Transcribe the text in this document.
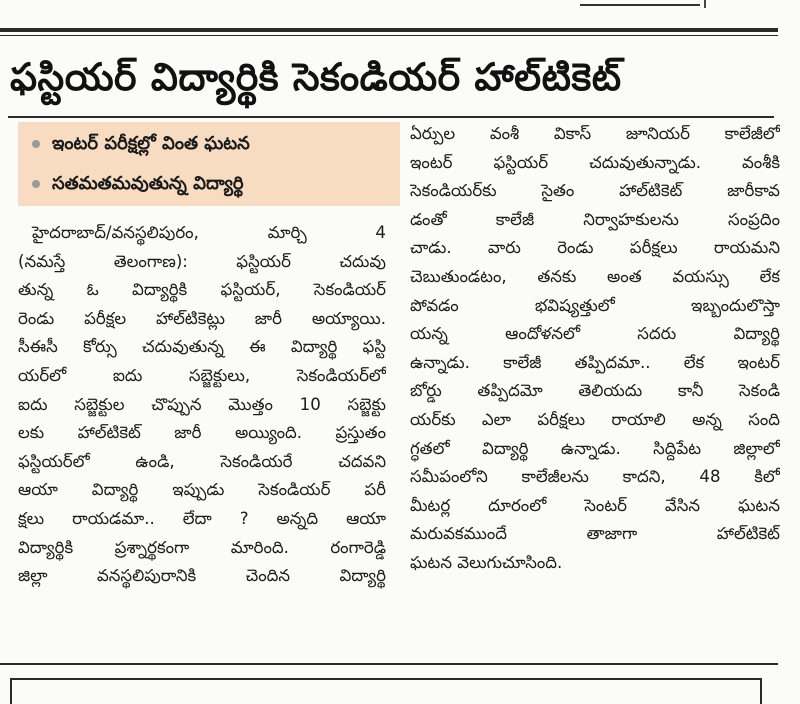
ఫస్టియర్ విద్యార్థికి సెకండియర్ హాల్‌టికెట్
ఇంటర్ పరీక్షల్లో వింత ఘటన
సతమతమవుతున్న విద్యార్థి
హైదరాబాద్/వనస్థలిపురం, మార్చి 4
(నమస్తే తెలంగాణ): ఫస్టియర్ చదువు
తున్న ఓ విద్యార్థికి ఫస్టియర్, సెకండియర్
రెండు పరీక్షల హాల్‌టికెట్లు జారీ అయ్యాయి.
సీఈసీ కోర్సు చదువుతున్న ఈ విద్యార్థి ఫస్టి
యర్‌లో ఐదు సబ్జెక్టులు, సెకండియర్‌లో
ఐదు సబ్జెక్టుల చొప్పున మొత్తం 10 సబ్జెక్టు
లకు హాల్‌టికెట్ జారీ అయ్యింది. ప్రస్తుతం
ఫస్టియర్‌లో ఉండి, సెకండియరే చదవని
ఆయా విద్యార్థి ఇప్పుడు సెకండియర్ పరీ
క్షలు రాయడమా.. లేదా ? అన్నది ఆయా
విద్యార్థికి ప్రశ్నార్థకంగా మారింది. రంగారెడ్డి
జిల్లా వనస్థలిపురానికి చెందిన విద్యార్థి
ఏర్పుల వంశీ వికాస్ జూనియర్ కాలేజీలో
ఇంటర్ ఫస్టియర్ చదువుతున్నాడు. వంశీకి
సెకండియర్‌కు సైతం హాల్‌టికెట్ జారీకావ
డంతో కాలేజీ నిర్వాహకులను సంప్రదిం
చాడు. వారు రెండు పరీక్షలు రాయమని
చెబుతుండటం, తనకు అంత వయస్సు లేక
పోవడం భవిష్యత్తులో ఇబ్బందులొస్తా
యన్న ఆందోళనలో సదరు విద్యార్థి
ఉన్నాడు. కాలేజీ తప్పిదమా.. లేక ఇంటర్
బోర్డు తప్పిదమో తెలియదు కానీ సెకండి
యర్‌కు ఎలా పరీక్షలు రాయాలి అన్న సంది
గ్ధతలో విద్యార్థి ఉన్నాడు. సిద్దిపేట జిల్లాలో
సమీపంలోని కాలేజీలను కాదని, 48 కిలో
మీటర్ల దూరంలో సెంటర్ వేసిన ఘటన
మరువకముందే తాజాగా హాల్‌టికెట్
ఘటన వెలుగుచూసింది.
